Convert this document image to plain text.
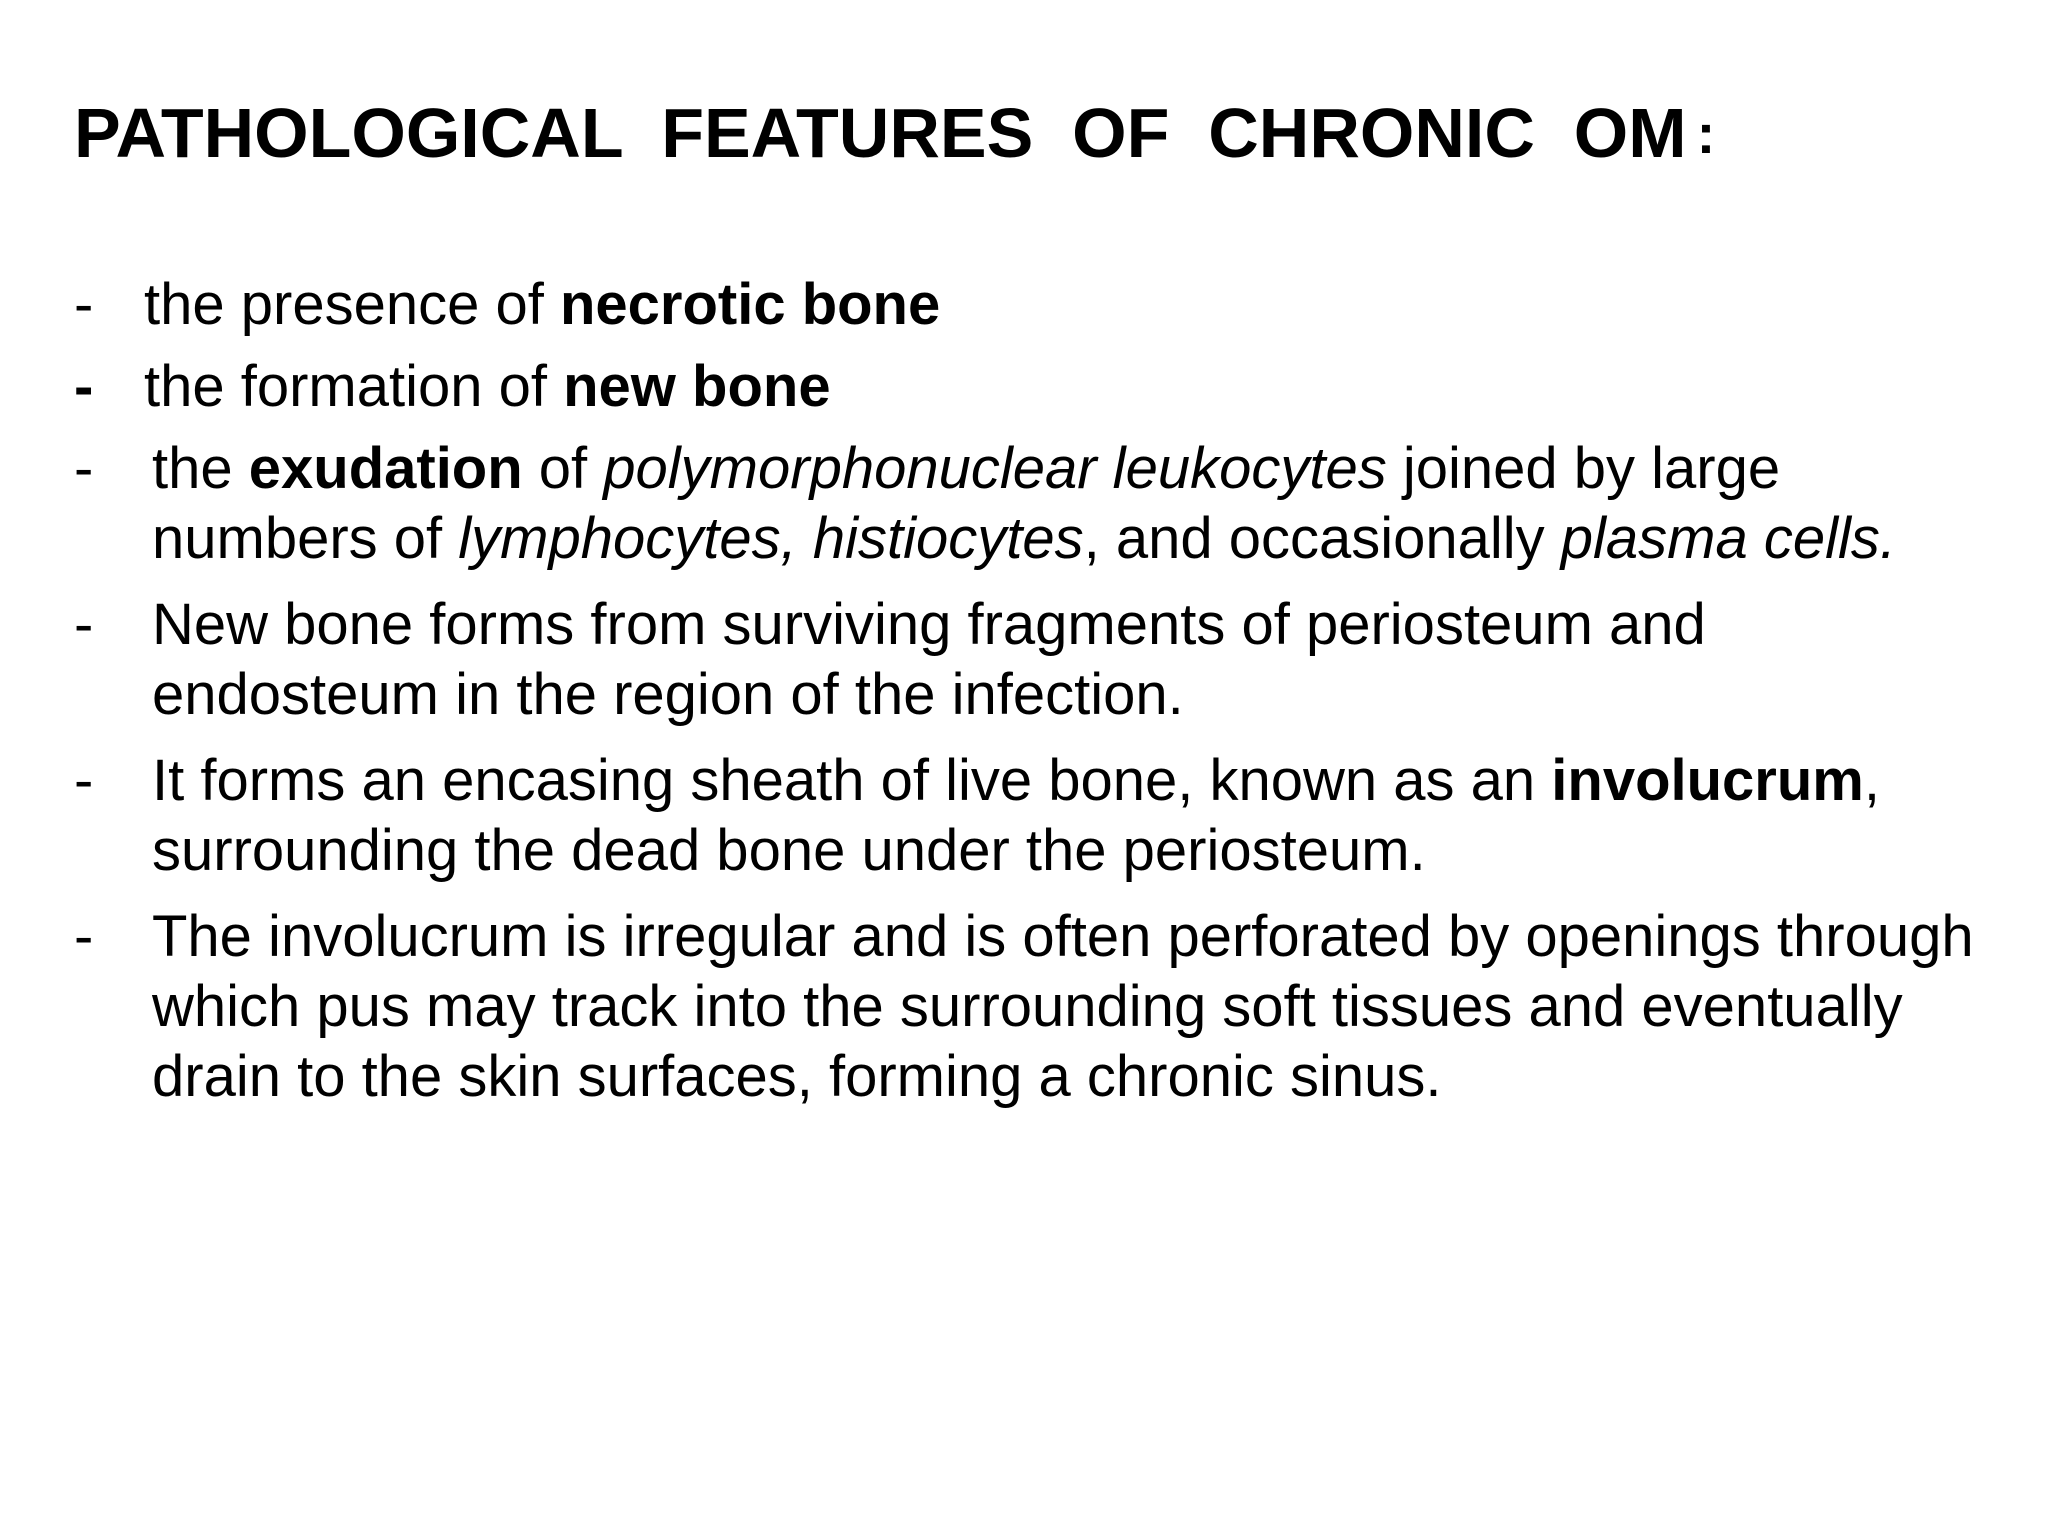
PATHOLOGICAL  FEATURES  OF  CHRONIC  OM :
- the presence of necrotic bone
- the formation of new bone
- the exudation of polymorphonuclear leukocytes joined by large numbers of lymphocytes, histiocytes, and occasionally plasma cells.
- New bone forms from surviving fragments of periosteum and endosteum in the region of the infection.
- It forms an encasing sheath of live bone, known as an involucrum, surrounding the dead bone under the periosteum.
- The involucrum is irregular and is often perforated by openings through which pus may track into the surrounding soft tissues and eventually drain to the skin surfaces, forming a chronic sinus.
